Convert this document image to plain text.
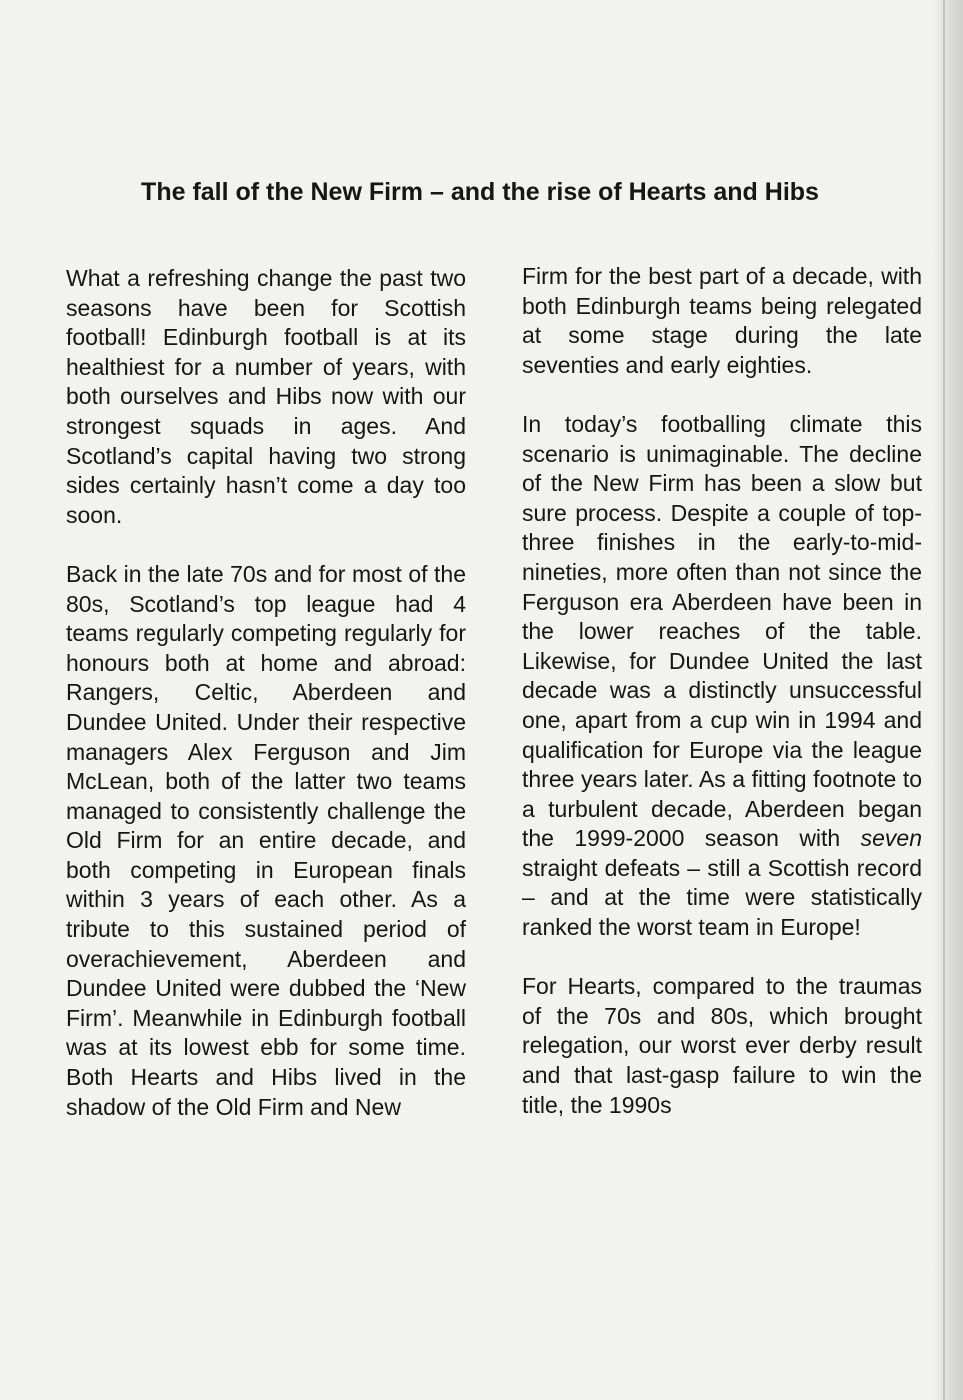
The fall of the New Firm – and the rise of Hearts and Hibs

What a refreshing change the past two seasons have been for Scottish football! Edinburgh football is at its healthiest for a number of years, with both ourselves and Hibs now with our strongest squads in ages. And Scotland’s capital having two strong sides certainly hasn’t come a day too soon.

Back in the late 70s and for most of the 80s, Scotland’s top league had 4 teams regularly competing regularly for honours both at home and abroad: Rangers, Celtic, Aberdeen and Dundee United. Under their respective managers Alex Ferguson and Jim McLean, both of the latter two teams managed to consistently challenge the Old Firm for an entire decade, and both competing in European finals within 3 years of each other. As a tribute to this sustained period of overachievement, Aberdeen and Dundee United were dubbed the ‘New Firm’. Meanwhile in Edinburgh football was at its lowest ebb for some time. Both Hearts and Hibs lived in the shadow of the Old Firm and New

Firm for the best part of a decade, with both Edinburgh teams being relegated at some stage during the late seventies and early eighties.

In today’s footballing climate this scenario is unimaginable. The decline of the New Firm has been a slow but sure process. Despite a couple of top-three finishes in the early-to-mid-nineties, more often than not since the Ferguson era Aberdeen have been in the lower reaches of the table. Likewise, for Dundee United the last decade was a distinctly unsuccessful one, apart from a cup win in 1994 and qualification for Europe via the league three years later. As a fitting footnote to a turbulent decade, Aberdeen began the 1999-2000 season with seven straight defeats – still a Scottish record – and at the time were statistically ranked the worst team in Europe!

For Hearts, compared to the traumas of the 70s and 80s, which brought relegation, our worst ever derby result and that last-gasp failure to win the title, the 1990s
